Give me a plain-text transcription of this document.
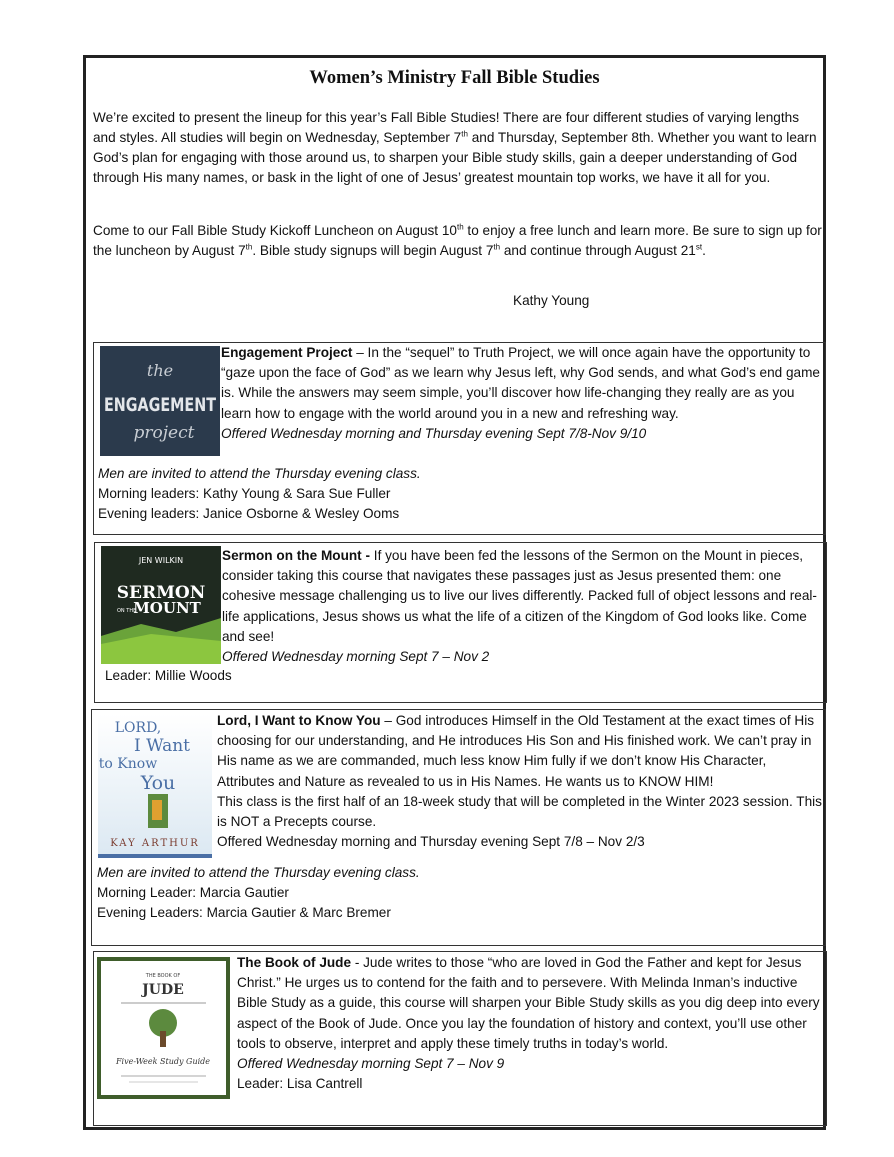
Women’s Ministry Fall Bible Studies

We’re excited to present the lineup for this year’s Fall Bible Studies! There are four different studies of varying lengths and styles. All studies will begin on Wednesday, September 7th and Thursday, September 8th. Whether you want to learn God’s plan for engaging with those around us, to sharpen your Bible study skills, gain a deeper understanding of God through His many names, or bask in the light of one of Jesus’ greatest mountain top works, we have it all for you.

Come to our Fall Bible Study Kickoff Luncheon on August 10th to enjoy a free lunch and learn more. Be sure to sign up for the luncheon by August 7th. Bible study signups will begin August 7th and continue through August 21st.

Kathy Young
the
ENGAGEMENT
project

Engagement Project – In the “sequel” to Truth Project, we will once again have the opportunity to “gaze upon the face of God” as we learn why Jesus left, why God sends, and what God’s end game is. While the answers may seem simple, you’ll discover how life-changing they really are as you learn how to engage with the world around you in a new and refreshing way.
Offered Wednesday morning and Thursday evening Sept 7/8-Nov 9/10

Men are invited to attend the Thursday evening class.
Morning leaders: Kathy Young & Sara Sue Fuller
Evening leaders: Janice Osborne & Wesley Ooms

JEN WILKIN
SERMON
ON THE
MOUNT

Sermon on the Mount - If you have been fed the lessons of the Sermon on the Mount in pieces, consider taking this course that navigates these passages just as Jesus presented them: one cohesive message challenging us to live our lives differently. Packed full of object lessons and real-life applications, Jesus shows us what the life of a citizen of the Kingdom of God looks like. Come and see!
Offered Wednesday morning Sept 7 – Nov 2

Leader: Millie Woods

LORD,
I Want
to Know
You
KAY ARTHUR

Lord, I Want to Know You – God introduces Himself in the Old Testament at the exact times of His choosing for our understanding, and He introduces His Son and His finished work. We can’t pray in His name as we are commanded, much less know Him fully if we don’t know His Character, Attributes and Nature as revealed to us in His Names. He wants us to KNOW HIM!
This class is the first half of an 18-week study that will be completed in the Winter 2023 session. This is NOT a Precepts course.
Offered Wednesday morning and Thursday evening Sept 7/8 – Nov 2/3

Men are invited to attend the Thursday evening class.
Morning Leader: Marcia Gautier
Evening Leaders: Marcia Gautier & Marc Bremer

THE BOOK OF
JUDE
Five-Week Study Guide

The Book of Jude - Jude writes to those “who are loved in God the Father and kept for Jesus Christ.” He urges us to contend for the faith and to persevere. With Melinda Inman’s inductive Bible Study as a guide, this course will sharpen your Bible Study skills as you dig deep into every aspect of the Book of Jude. Once you lay the foundation of history and context, you’ll use other tools to observe, interpret and apply these timely truths in today’s world.
Offered Wednesday morning Sept 7 – Nov 9
Leader: Lisa Cantrell
